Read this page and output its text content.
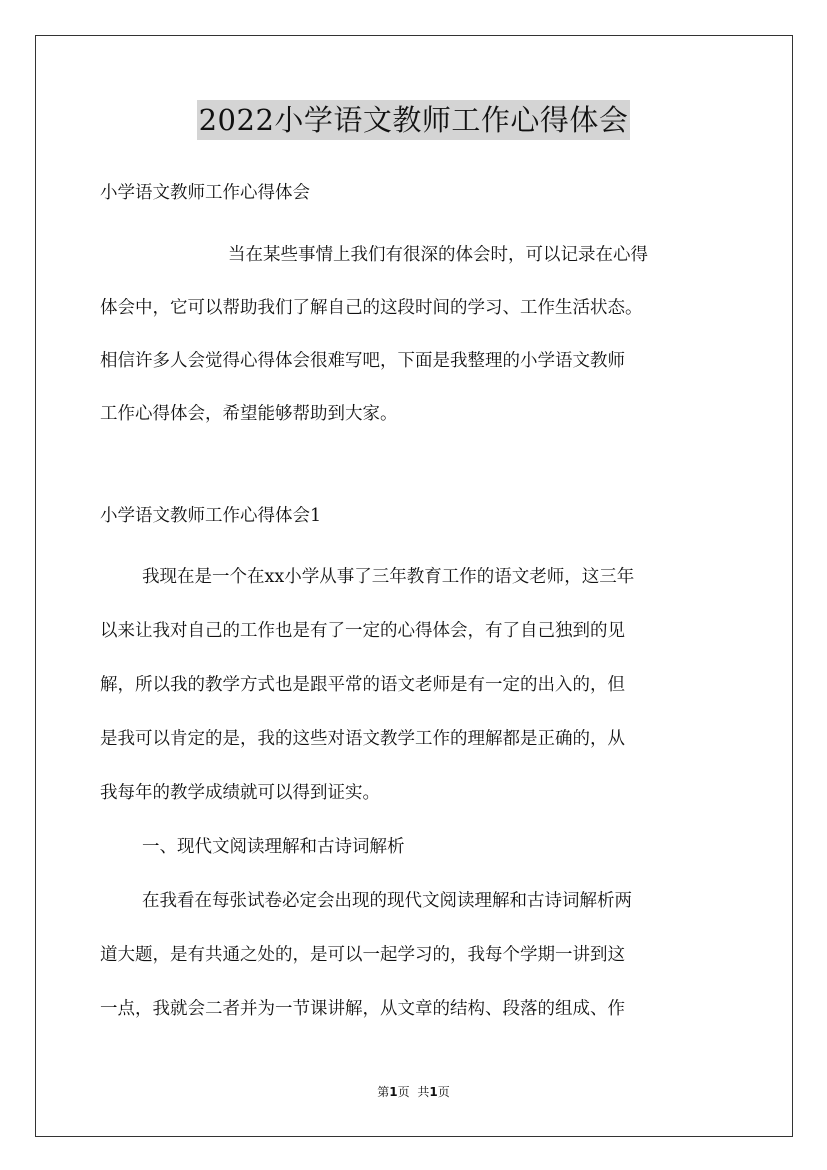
2022小学语文教师工作心得体会
小学语文教师工作心得体会
当在某些事情上我们有很深的体会时，可以记录在心得
体会中，它可以帮助我们了解自己的这段时间的学习、工作生活状态。
相信许多人会觉得心得体会很难写吧，下面是我整理的小学语文教师
工作心得体会，希望能够帮助到大家。
小学语文教师工作心得体会1
我现在是一个在xx小学从事了三年教育工作的语文老师，这三年
以来让我对自己的工作也是有了一定的心得体会，有了自己独到的见
解，所以我的教学方式也是跟平常的语文老师是有一定的出入的，但
是我可以肯定的是，我的这些对语文教学工作的理解都是正确的，从
我每年的教学成绩就可以得到证实。
一、现代文阅读理解和古诗词解析
在我看在每张试卷必定会出现的现代文阅读理解和古诗词解析两
道大题，是有共通之处的，是可以一起学习的，我每个学期一讲到这
一点，我就会二者并为一节课讲解，从文章的结构、段落的组成、作
第1页 共1页
